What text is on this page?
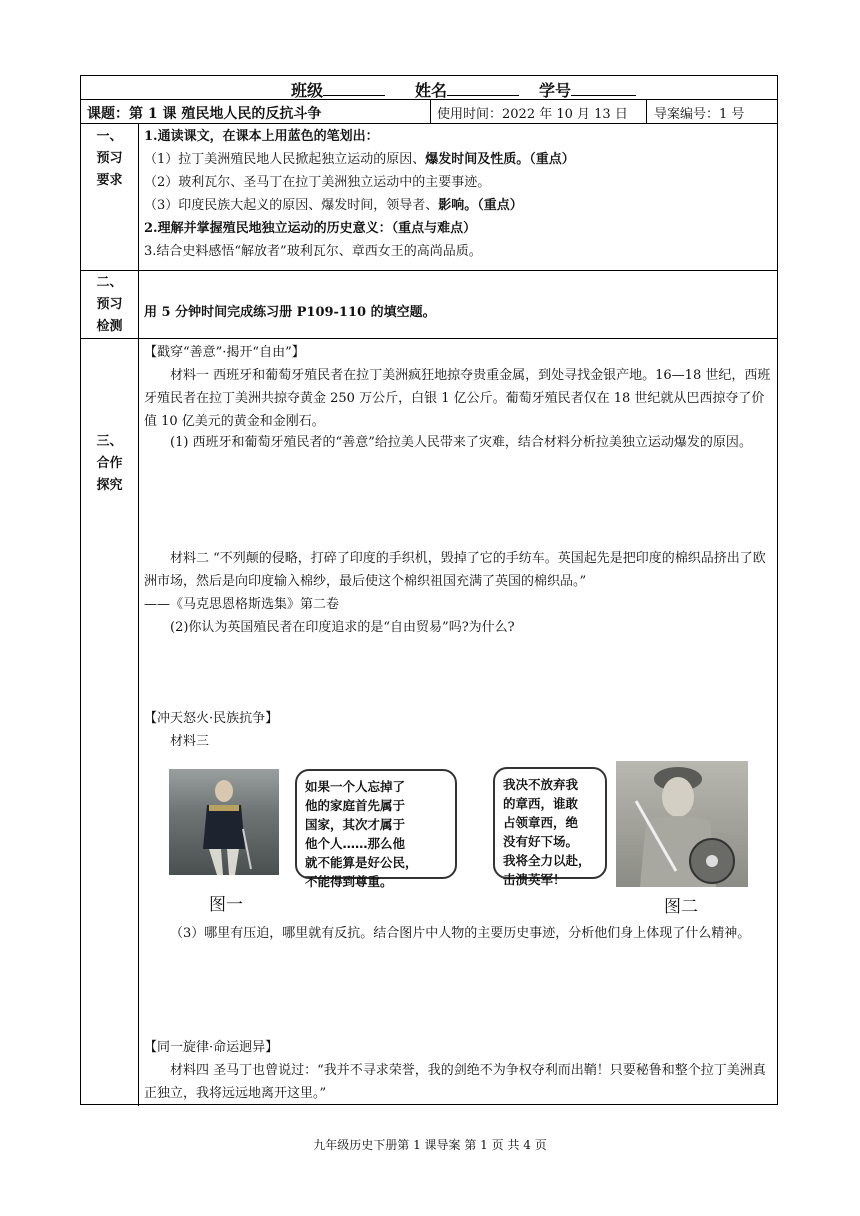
班级	姓名	学号
课题：第 1 课 殖民地人民的反抗斗争	使用时间：2022 年 10 月 13 日 导案编号：1 号
一、
预习
要求
1.通读课文，在课本上用蓝色的笔划出：
（1）拉丁美洲殖民地人民掀起独立运动的原因、爆发时间及性质。（重点）
（2）玻利瓦尔、圣马丁在拉丁美洲独立运动中的主要事迹。
（3）印度民族大起义的原因、爆发时间，领导者、影响。（重点）
2.理解并掌握殖民地独立运动的历史意义：（重点与难点）
3.结合史料感悟“解放者”玻利瓦尔、章西女王的高尚品质。
二、
预习
检测
用 5 分钟时间完成练习册 P109-110 的填空题。
三、
合作
探究
【戳穿“善意”·揭开“自由”】
材料一 西班牙和葡萄牙殖民者在拉丁美洲疯狂地掠夺贵重金属，到处寻找金银产地。16—18 世纪，西班牙殖民者在拉丁美洲共掠夺黄金 250 万公斤，白银 1 亿公斤。葡萄牙殖民者仅在 18 世纪就从巴西掠夺了价值 10 亿美元的黄金和金刚石。
(1) 西班牙和葡萄牙殖民者的“善意”给拉美人民带来了灾难，结合材料分析拉美独立运动爆发的原因。
材料二 “不列颠的侵略，打碎了印度的手织机，毁掉了它的手纺车。英国起先是把印度的棉织品挤出了欧洲市场，然后是向印度输入棉纱，最后使这个棉织祖国充满了英国的棉织品。”
——《马克思恩格斯选集》第二卷
(2)你认为英国殖民者在印度追求的是“自由贸易”吗?为什么?
【冲天怒火·民族抗争】
材料三
如果一个人忘掉了
他的家庭首先属于
国家，其次才属于
他个人……那么他
就不能算是好公民，
不能得到尊重。
图一
我决不放弃我
的章西，谁敢
占领章西，绝
没有好下场。
我将全力以赴，
击溃英军！
图二
（3）哪里有压迫，哪里就有反抗。结合图片中人物的主要历史事迹，分析他们身上体现了什么精神。
【同一旋律·命运迥异】
材料四 圣马丁也曾说过：“我并不寻求荣誉，我的剑绝不为争权夺利而出鞘！只要秘鲁和整个拉丁美洲真正独立，我将远远地离开这里。”
九年级历史下册第 1 课导案 第 1 页 共 4 页
